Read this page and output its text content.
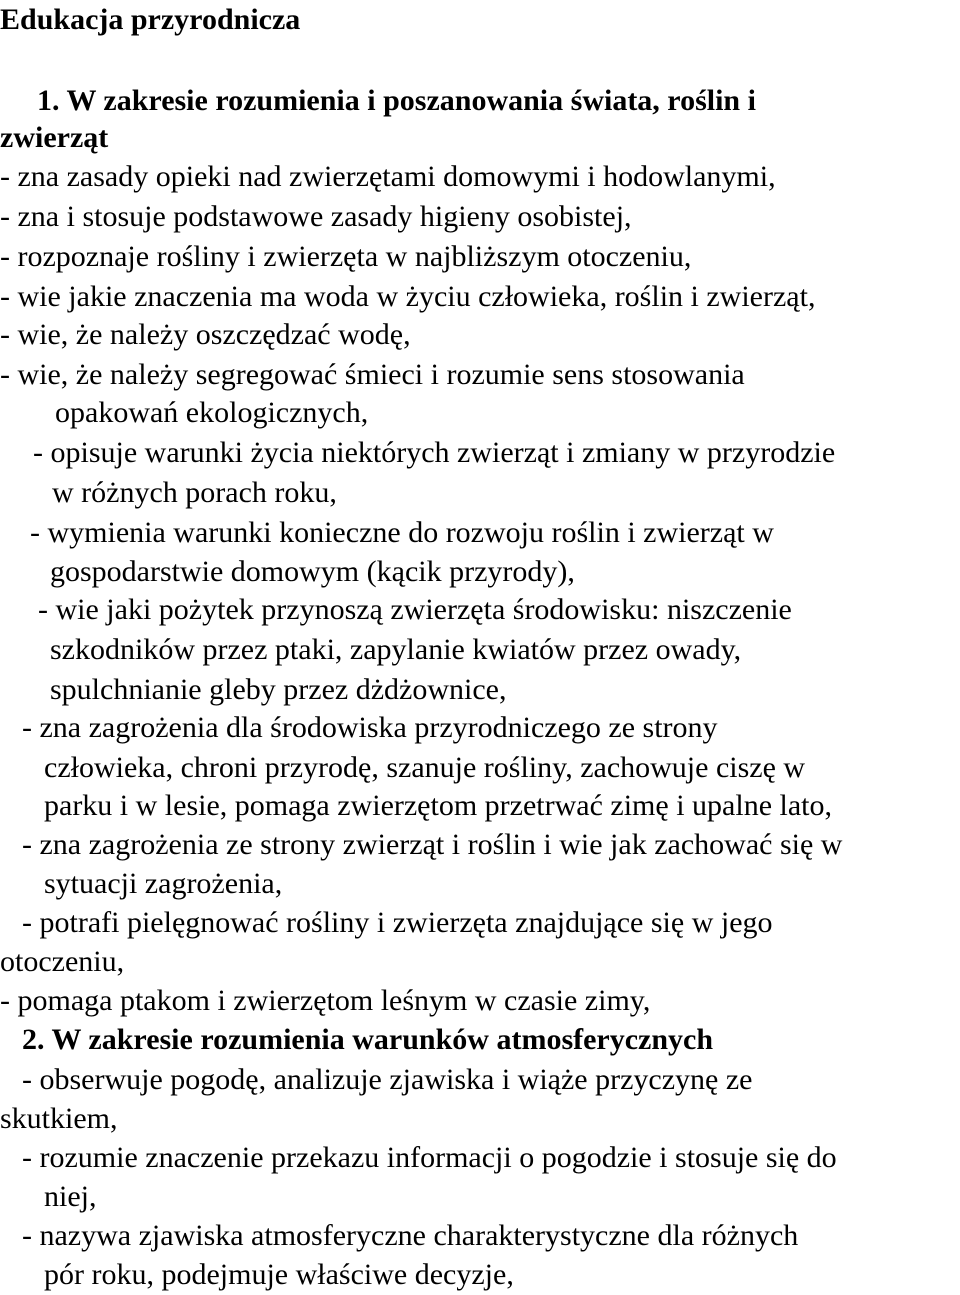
Edukacja przyrodnicza
1. W zakresie rozumienia i poszanowania świata, roślin i
zwierząt
- zna zasady opieki nad zwierzętami domowymi i hodowlanymi,
- zna i stosuje podstawowe zasady higieny osobistej,
- rozpoznaje rośliny i zwierzęta w najbliższym otoczeniu,
- wie jakie znaczenia ma woda w życiu człowieka, roślin i zwierząt,
- wie, że należy oszczędzać wodę,
- wie, że należy segregować śmieci i rozumie sens stosowania
opakowań ekologicznych,
- opisuje warunki życia niektórych zwierząt i zmiany w przyrodzie
w różnych porach roku,
- wymienia warunki konieczne do rozwoju roślin i zwierząt w
gospodarstwie domowym (kącik przyrody),
- wie jaki pożytek przynoszą zwierzęta środowisku: niszczenie
szkodników przez ptaki, zapylanie kwiatów przez owady,
spulchnianie gleby przez dżdżownice,
- zna zagrożenia dla środowiska przyrodniczego ze strony
człowieka, chroni przyrodę, szanuje rośliny, zachowuje ciszę w
parku i w lesie, pomaga zwierzętom przetrwać zimę i upalne lato,
- zna zagrożenia ze strony zwierząt i roślin i wie jak zachować się w
sytuacji zagrożenia,
- potrafi pielęgnować rośliny i zwierzęta znajdujące się w jego
otoczeniu,
- pomaga ptakom i zwierzętom leśnym w czasie zimy,
2. W zakresie rozumienia warunków atmosferycznych
- obserwuje pogodę, analizuje zjawiska i wiąże przyczynę ze
skutkiem,
- rozumie znaczenie przekazu informacji o pogodzie i stosuje się do
niej,
- nazywa zjawiska atmosferyczne charakterystyczne dla różnych
pór roku, podejmuje właściwe decyzje,
